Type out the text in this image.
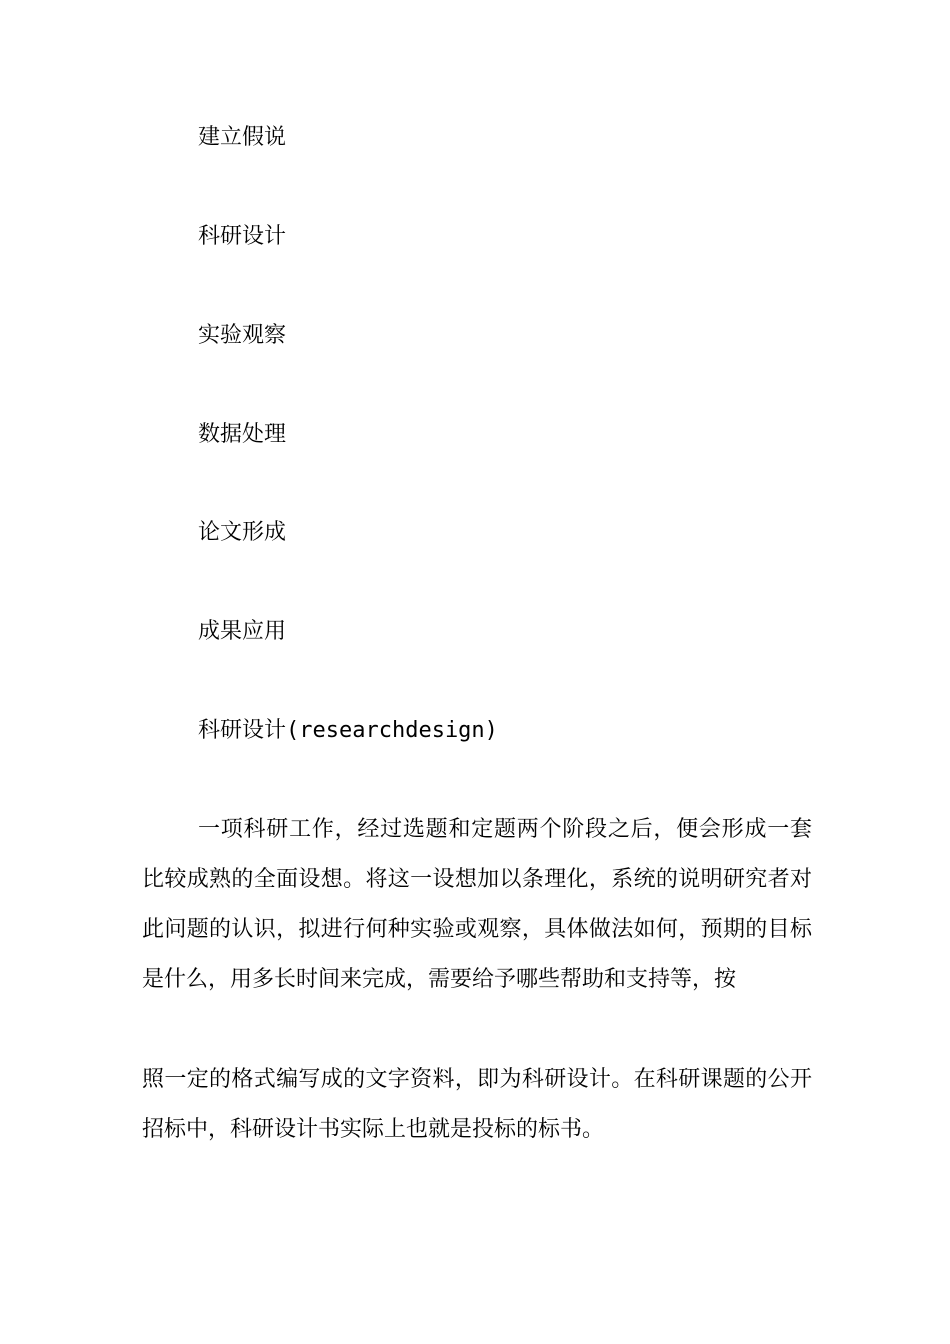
建立假说

科研设计

实验观察

数据处理

论文形成

成果应用

科研设计(researchdesign)

一项科研工作，经过选题和定题两个阶段之后，便会形成一套比较成熟的全面设想。将这一设想加以条理化，系统的说明研究者对此问题的认识，拟进行何种实验或观察，具体做法如何，预期的目标是什么，用多长时间来完成，需要给予哪些帮助和支持等，按

照一定的格式编写成的文字资料，即为科研设计。在科研课题的公开招标中，科研设计书实际上也就是投标的标书。
